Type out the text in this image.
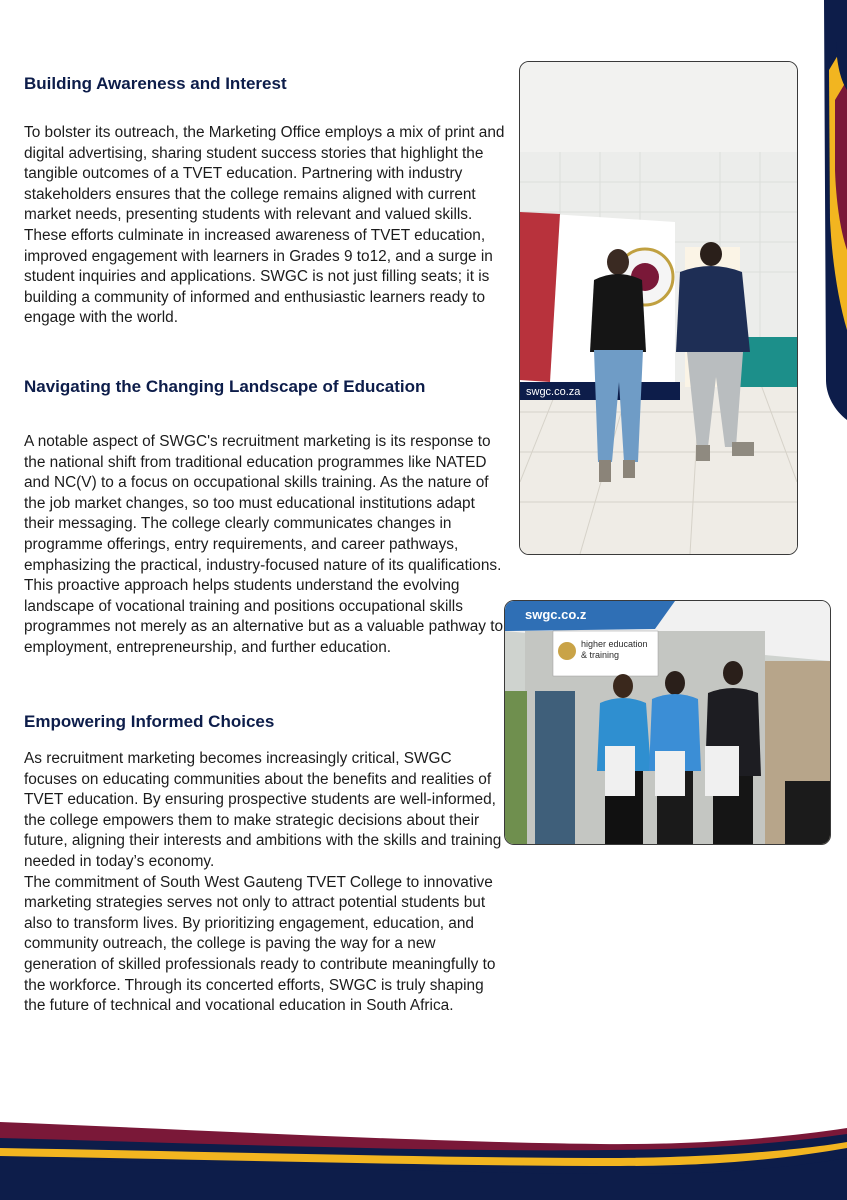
Building Awareness and Interest

To bolster its outreach, the Marketing Office employs a mix of print and digital advertising, sharing student success stories that highlight the tangible outcomes of a TVET education. Partnering with industry stakeholders ensures that the college remains aligned with current market needs, presenting students with relevant and valued skills.

These efforts culminate in increased awareness of TVET education, improved engagement with learners in Grades 9 to12, and a surge in student inquiries and applications. SWGC is not just filling seats; it is building a community of informed and enthusiastic learners ready to engage with the world.

Navigating the Changing Landscape of Education

A notable aspect of SWGC's recruitment marketing is its response to the national shift from traditional education programmes like NATED and NC(V) to a focus on occupational skills training. As the nature of the job market changes, so too must educational institutions adapt their messaging. The college clearly communicates changes in programme offerings, entry requirements, and career pathways, emphasizing the practical, industry-focused nature of its qualifications.

This proactive approach helps students understand the evolving landscape of vocational training and positions occupational skills programmes not merely as an alternative but as a valuable pathway to employment, entrepreneurship, and further education.

Empowering Informed Choices

As recruitment marketing becomes increasingly critical, SWGC focuses on educating communities about the benefits and realities of TVET education. By ensuring prospective students are well-informed, the college empowers them to make strategic decisions about their future, aligning their interests and ambitions with the skills and training needed in today’s economy.

The commitment of South West Gauteng TVET College to innovative marketing strategies serves not only to attract potential students but also to transform lives. By prioritizing engagement, education, and community outreach, the college is paving the way for a new generation of skilled professionals ready to contribute meaningfully to the workforce. Through its concerted efforts, SWGC is truly shaping the future of technical and vocational education in South Africa.

swgc.co.za
swgc.co.z
higher education
& training
